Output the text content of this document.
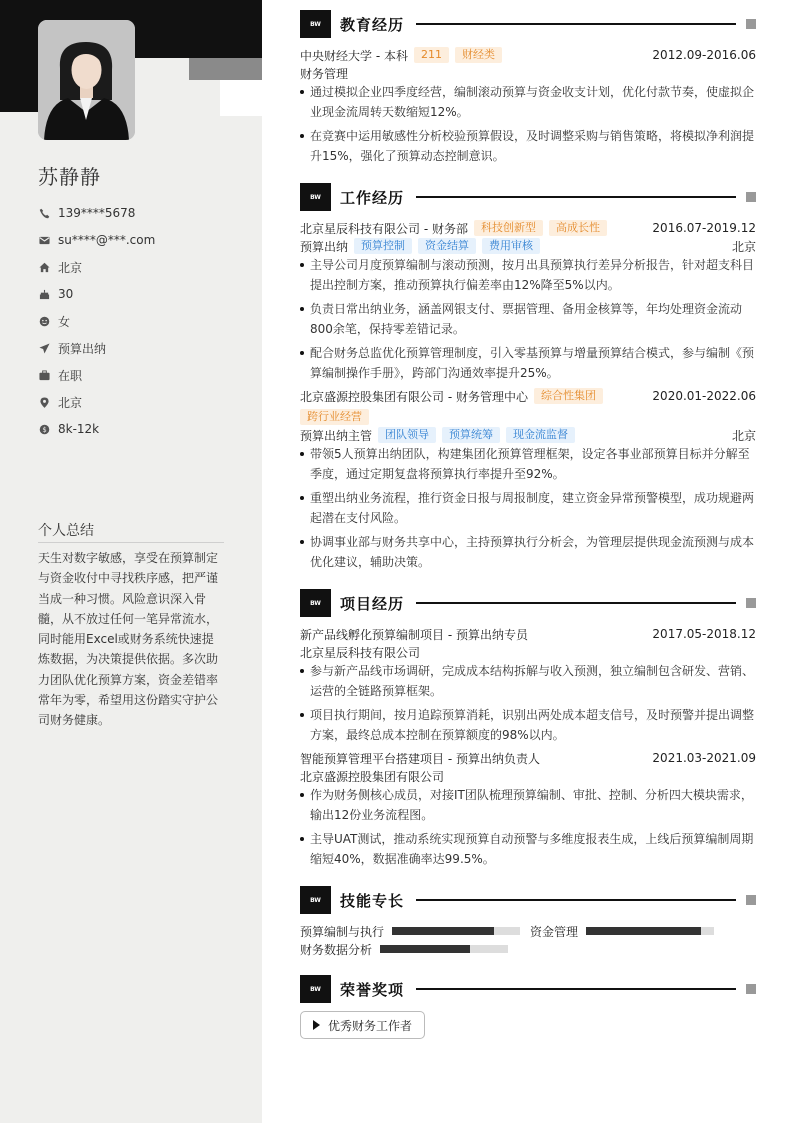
苏静静
139****5678
su****@***.com
北京
30
女
预算出纳
在职
北京
$ 8k-12k
个人总结
天生对数字敏感，享受在预算制定与资金收付中寻找秩序感，把严谨当成一种习惯。风险意识深入骨髓，从不放过任何一笔异常流水，同时能用Excel或财务系统快速提炼数据，为决策提供依据。多次助力团队优化预算方案，资金差错率常年为零，希望用这份踏实守护公司财务健康。
BW	教育经历
中央财经大学 - 本科	211	财经类	2012.09-2016.06
财务管理
通过模拟企业四季度经营，编制滚动预算与资金收支计划，优化付款节奏，使虚拟企业现金流周转天数缩短12%。
在竞赛中运用敏感性分析校验预算假设，及时调整采购与销售策略，将模拟净利润提升15%，强化了预算动态控制意识。
BW	工作经历
北京星辰科技有限公司 - 财务部	科技创新型	高成长性	2016.07-2019.12
预算出纳	预算控制	资金结算	费用审核	北京
主导公司月度预算编制与滚动预测，按月出具预算执行差异分析报告，针对超支科目提出控制方案，推动预算执行偏差率由12%降至5%以内。
负责日常出纳业务，涵盖网银支付、票据管理、备用金核算等，年均处理资金流动800余笔，保持零差错记录。
配合财务总监优化预算管理制度，引入零基预算与增量预算结合模式，参与编制《预算编制操作手册》，跨部门沟通效率提升25%。
北京盛源控股集团有限公司 - 财务管理中心	综合性集团	2020.01-2022.06
跨行业经营
预算出纳主管	团队领导	预算统筹	现金流监督	北京
带领5人预算出纳团队，构建集团化预算管理框架，设定各事业部预算目标并分解至季度，通过定期复盘将预算执行率提升至92%。
重塑出纳业务流程，推行资金日报与周报制度，建立资金异常预警模型，成功规避两起潜在支付风险。
协调事业部与财务共享中心，主持预算执行分析会，为管理层提供现金流预测与成本优化建议，辅助决策。
BW	项目经历
新产品线孵化预算编制项目 - 预算出纳专员	2017.05-2018.12
北京星辰科技有限公司
参与新产品线市场调研，完成成本结构拆解与收入预测，独立编制包含研发、营销、运营的全链路预算框架。
项目执行期间，按月追踪预算消耗，识别出两处成本超支信号，及时预警并提出调整方案，最终总成本控制在预算额度的98%以内。
智能预算管理平台搭建项目 - 预算出纳负责人	2021.03-2021.09
北京盛源控股集团有限公司
作为财务侧核心成员，对接IT团队梳理预算编制、审批、控制、分析四大模块需求，输出12份业务流程图。
主导UAT测试，推动系统实现预算自动预警与多维度报表生成，上线后预算编制周期缩短40%，数据准确率达99.5%。
BW	技能专长
预算编制与执行	资金管理
财务数据分析
BW	荣誉奖项
优秀财务工作者
